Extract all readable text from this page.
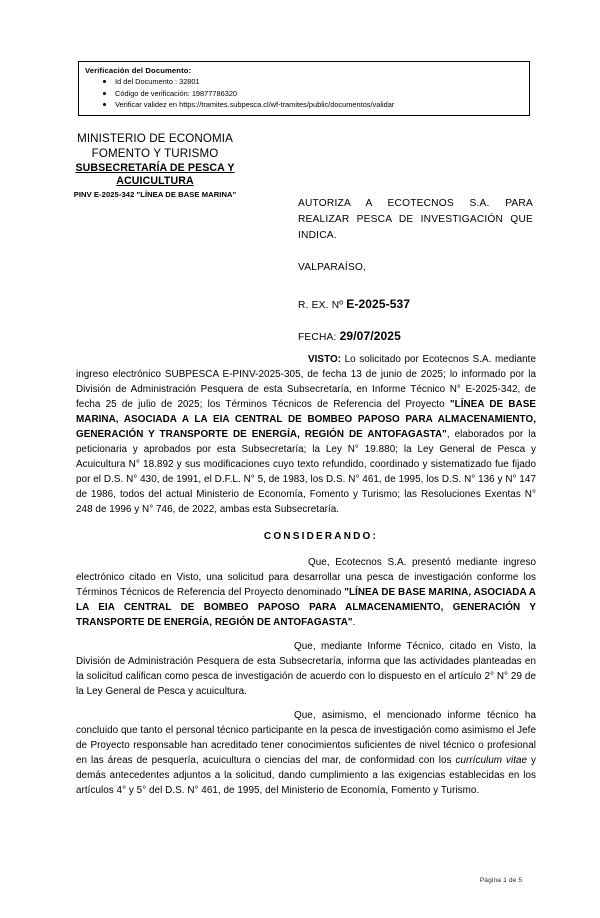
Verificación del Documento:
Id del Documento : 32801
Código de verificación: 19877786320
Verificar validez en https://tramites.subpesca.cl/wf-tramites/public/documentos/validar
MINISTERIO DE ECONOMIA
FOMENTO Y TURISMO
SUBSECRETARÍA DE PESCA Y
ACUICULTURA
PINV E-2025-342 "LÍNEA DE BASE MARINA"
AUTORIZA A ECOTECNOS S.A. PARA REALIZAR PESCA DE INVESTIGACIÓN QUE INDICA.
VALPARAÍSO,
R. EX. Nº E-2025-537
FECHA: 29/07/2025

VISTO: Lo solicitado por Ecotecnos S.A. mediante ingreso electrónico SUBPESCA E-PINV-2025-305, de fecha 13 de junio de 2025; lo informado por la División de Administración Pesquera de esta Subsecretaría, en Informe Técnico N° E-2025-342, de fecha 25 de julio de 2025; los Términos Técnicos de Referencia del Proyecto "LÍNEA DE BASE MARINA, ASOCIADA A LA EIA CENTRAL DE BOMBEO PAPOSO PARA ALMACENAMIENTO, GENERACIÓN Y TRANSPORTE DE ENERGÍA, REGIÓN DE ANTOFAGASTA", elaborados por la peticionaria y aprobados por esta Subsecretaría; la Ley N° 19.880; la Ley General de Pesca y Acuicultura N° 18.892 y sus modificaciones cuyo texto refundido, coordinado y sistematizado fue fijado por el D.S. N° 430, de 1991, el D.F.L. N° 5, de 1983, los D.S. N° 461, de 1995, los D.S. N° 136 y N° 147 de 1986, todos del actual Ministerio de Economía, Fomento y Turismo; las Resoluciones Exentas N° 248 de 1996 y N° 746, de 2022, ambas esta Subsecretaría.

CONSIDERANDO:

Que, Ecotecnos S.A. presentó mediante ingreso electrónico citado en Visto, una solicitud para desarrollar una pesca de investigación conforme los Términos Técnicos de Referencia del Proyecto denominado "LÍNEA DE BASE MARINA, ASOCIADA A LA EIA CENTRAL DE BOMBEO PAPOSO PARA ALMACENAMIENTO, GENERACIÓN Y TRANSPORTE DE ENERGÍA, REGIÓN DE ANTOFAGASTA".

Que, mediante Informe Técnico, citado en Visto, la División de Administración Pesquera de esta Subsecretaría, informa que las actividades planteadas en la solicitud califican como pesca de investigación de acuerdo con lo dispuesto en el artículo 2° N° 29 de la Ley General de Pesca y acuicultura.

Que, asimismo, el mencionado informe técnico ha concluido que tanto el personal técnico participante en la pesca de investigación como asimismo el Jefe de Proyecto responsable han acreditado tener conocimientos suficientes de nivel técnico o profesional en las áreas de pesquería, acuicultura o ciencias del mar, de conformidad con los currículum vitae y demás antecedentes adjuntos a la solicitud, dando cumplimiento a las exigencias establecidas en los artículos 4° y 5° del D.S. N° 461, de 1995, del Ministerio de Economía, Fomento y Turismo.

Página 1 de 5
